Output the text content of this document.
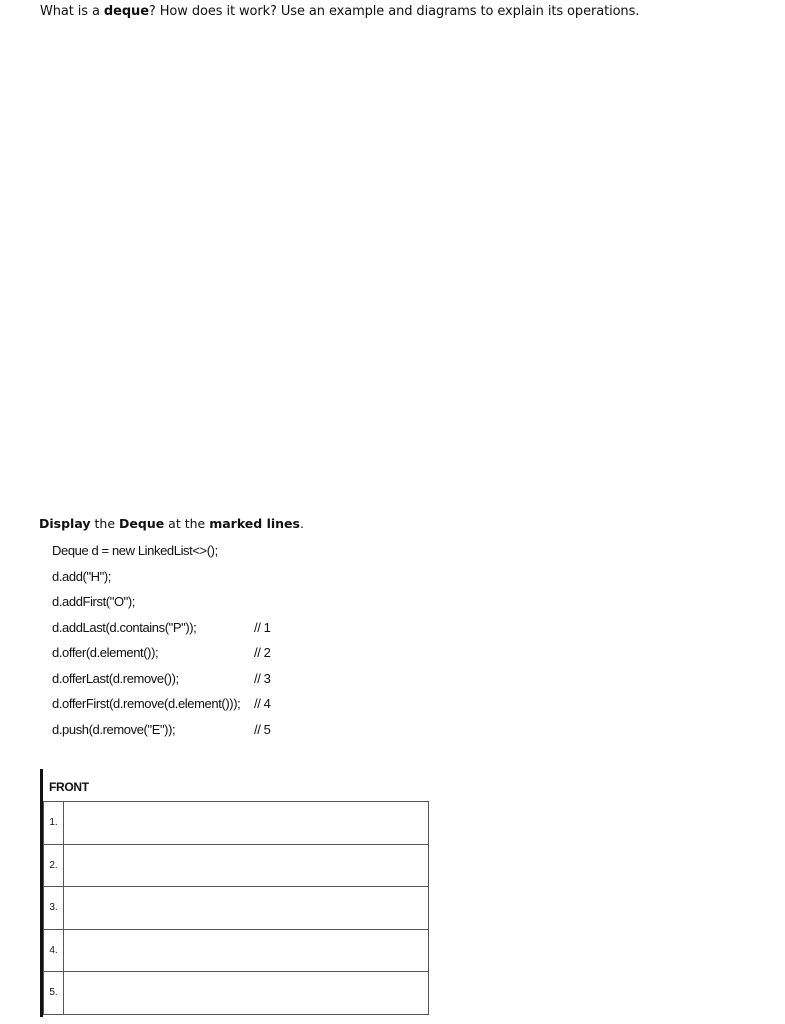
What is a deque? How does it work? Use an example and diagrams to explain its operations.
Display the Deque at the marked lines.
Deque d = new LinkedList<>();
d.add("H");
d.addFirst("O");
d.addLast(d.contains("P"));	// 1
d.offer(d.element());	// 2
d.offerLast(d.remove());	// 3
d.offerFirst(d.remove(d.element())); // 4
d.push(d.remove("E"));	// 5
FRONT
1.	
2.	
3.	
4.	
5.	
